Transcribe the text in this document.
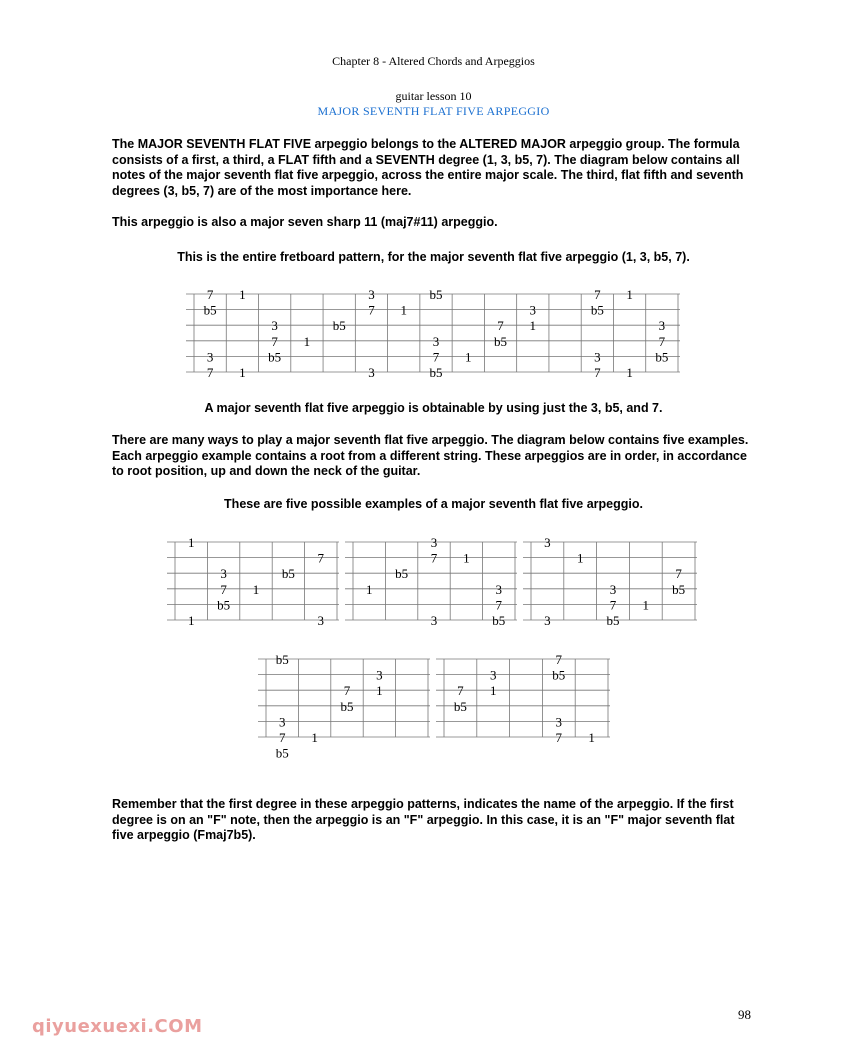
Chapter 8 - Altered Chords and Arpeggios
guitar lesson 10
MAJOR SEVENTH FLAT FIVE ARPEGGIO

The MAJOR SEVENTH FLAT FIVE arpeggio belongs to the ALTERED MAJOR arpeggio group. The formula consists of a first, a third, a FLAT fifth and a SEVENTH degree (1, 3, b5, 7). The diagram below contains all notes of the major seventh flat five arpeggio, across the entire major scale. The third, flat fifth and seventh degrees (3, b5, 7) are of the most importance here.

This arpeggio is also a major seven sharp 11 (maj7#11) arpeggio.

This is the entire fretboard pattern, for the major seventh flat five arpeggio (1, 3, b5, 7).

7 1	3	b5	7 1
b5	7 1	3	b5
3	b5	7 1	3
7 1	3	b5	7
3	b5	7 1	3	b5
7 1	3	b5	7 1

A major seventh flat five arpeggio is obtainable by using just the 3, b5, and 7.

There are many ways to play a major seventh flat five arpeggio. The diagram below contains five examples. Each arpeggio example contains a root from a different string. These arpeggios are in order, in accordance to root position, up and down the neck of the guitar.

These are five possible examples of a major seventh flat five arpeggio.

1
7
3	b5
7 1
b5
1	3
3
7 1
b5
1	3
7
3	b5
3
1
7
3	b5
7 1
3	b5
b5
3
7 1
b5
3
7 1
b5
7
3	b5
7 1
b5
3
7 1

Remember that the first degree in these arpeggio patterns, indicates the name of the arpeggio. If the first degree is on an "F" note, then the arpeggio is an "F" arpeggio. In this case, it is an "F" major seventh flat five arpeggio (Fmaj7b5).

98
qiyuexuexi.COM
